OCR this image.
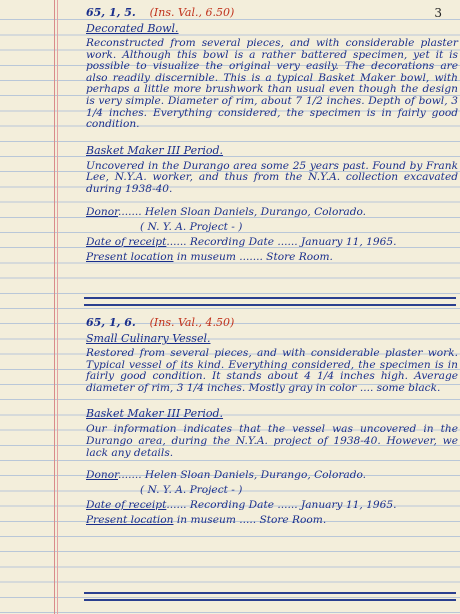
3
65, 1, 5. (Ins. Val., 6.50)
Decorated Bowl.

Reconstructed from several pieces, and with considerable plaster work. Although this bowl is a rather battered specimen, yet it is possible to visualize the original very easily. The decorations are also readily discernible. This is a typical Basket Maker bowl, with perhaps a little more brushwork than usual even though the design is very simple. Diameter of rim, about 7 1/2 inches. Depth of bowl, 3 1/4 inches. Everything considered, the specimen is in fairly good condition.

Basket Maker III Period.

Uncovered in the Durango area some 25 years past. Found by Frank Lee, N.Y.A. worker, and thus from the N.Y.A. collection excavated during 1938-40.

Donor....... Helen Sloan Daniels, Durango, Colorado.
( N. Y. A. Project - )
Date of receipt...... Recording Date ...... January 11, 1965.
Present location in museum ....... Store Room.
65, 1, 6. (Ins. Val., 4.50)
Small Culinary Vessel.

Restored from several pieces, and with considerable plaster work. Typical vessel of its kind. Everything considered, the specimen is in fairly good condition. It stands about 4 1/4 inches high. Average diameter of rim, 3 1/4 inches. Mostly gray in color .... some black.

Basket Maker III Period.

Our information indicates that the vessel was uncovered in the Durango area, during the N.Y.A. project of 1938-40. However, we lack any details.

Donor....... Helen Sloan Daniels, Durango, Colorado.
( N. Y. A. Project - )
Date of receipt...... Recording Date ...... January 11, 1965.
Present location in museum ..... Store Room.
